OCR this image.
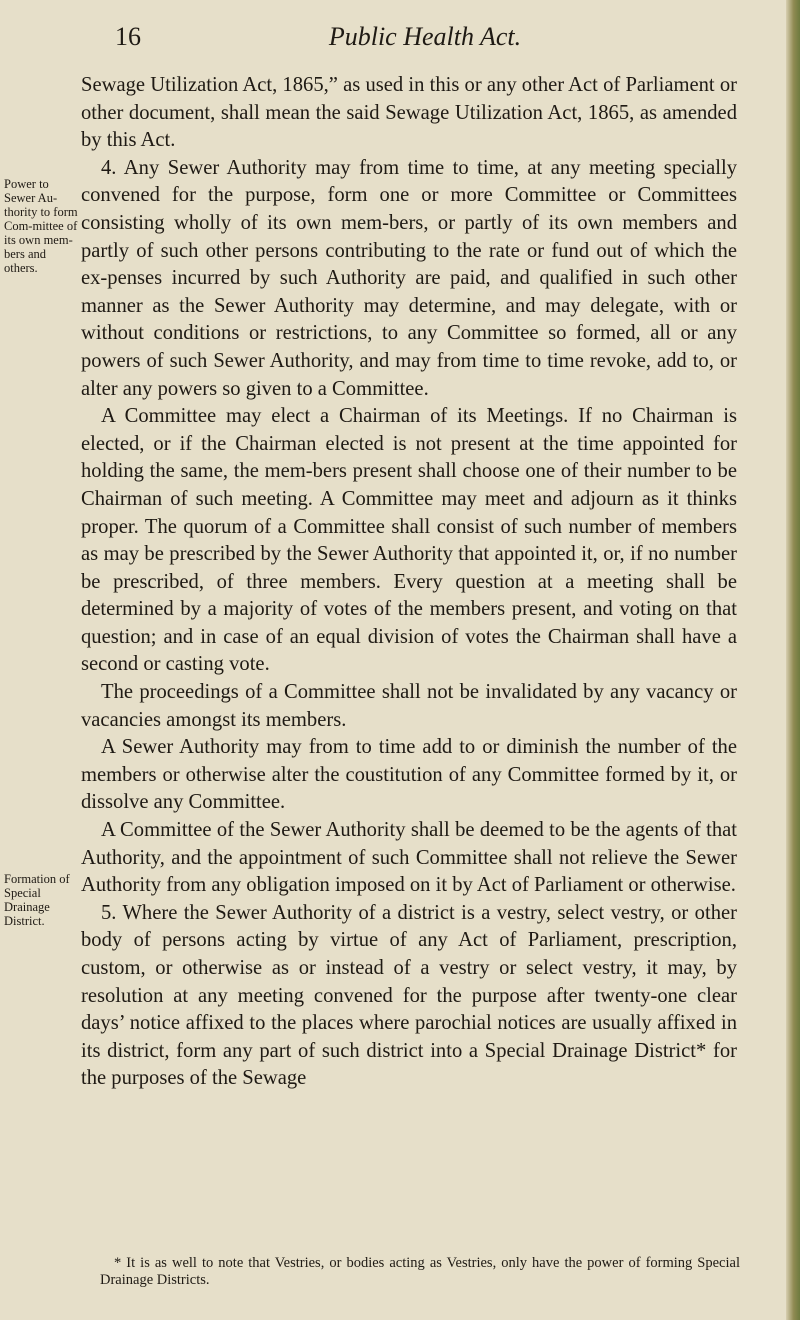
16	Public Health Act.
Power to Sewer Au-thority to form Com-mittee of its own mem-bers and others.
Formation of Special Drainage District.

Sewage Utilization Act, 1865,” as used in this or any other Act of Parliament or other document, shall mean the said Sewage Utilization Act, 1865, as amended by this Act.

4. Any Sewer Authority may from time to time, at any meeting specially convened for the purpose, form one or more Committee or Committees consisting wholly of its own mem-bers, or partly of its own members and partly of such other persons contributing to the rate or fund out of which the ex-penses incurred by such Authority are paid, and qualified in such other manner as the Sewer Authority may determine, and may delegate, with or without conditions or restrictions, to any Committee so formed, all or any powers of such Sewer Authority, and may from time to time revoke, add to, or alter any powers so given to a Committee.

A Committee may elect a Chairman of its Meetings. If no Chairman is elected, or if the Chairman elected is not present at the time appointed for holding the same, the mem-bers present shall choose one of their number to be Chairman of such meeting. A Committee may meet and adjourn as it thinks proper. The quorum of a Committee shall consist of such number of members as may be prescribed by the Sewer Authority that appointed it, or, if no number be prescribed, of three members. Every question at a meeting shall be determined by a majority of votes of the members present, and voting on that question; and in case of an equal division of votes the Chairman shall have a second or casting vote.

The proceedings of a Committee shall not be invalidated by any vacancy or vacancies amongst its members.

A Sewer Authority may from to time add to or diminish the number of the members or otherwise alter the coustitution of any Committee formed by it, or dissolve any Committee.

A Committee of the Sewer Authority shall be deemed to be the agents of that Authority, and the appointment of such Committee shall not relieve the Sewer Authority from any obligation imposed on it by Act of Parliament or otherwise.

5. Where the Sewer Authority of a district is a vestry, select vestry, or other body of persons acting by virtue of any Act of Parliament, prescription, custom, or otherwise as or instead of a vestry or select vestry, it may, by resolution at any meeting convened for the purpose after twenty-one clear days’ notice affixed to the places where parochial notices are usually affixed in its district, form any part of such district into a Special Drainage District* for the purposes of the Sewage

* It is as well to note that Vestries, or bodies acting as Vestries, only have the power of forming Special Drainage Districts.
